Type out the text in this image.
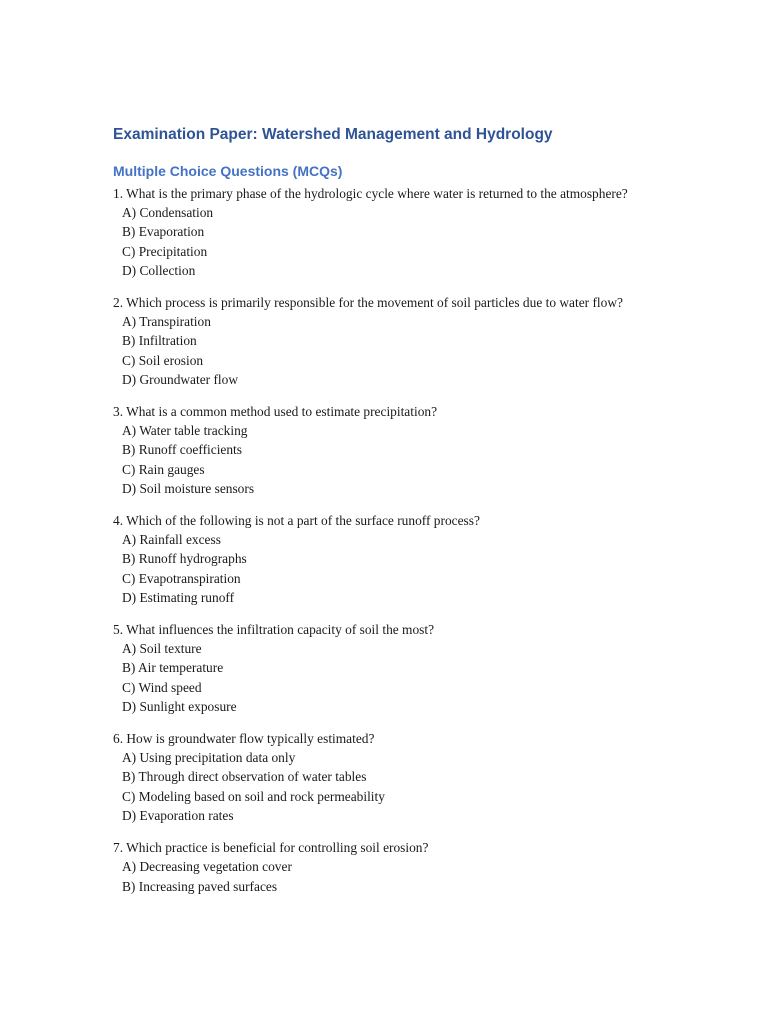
Examination Paper: Watershed Management and Hydrology
Multiple Choice Questions (MCQs)
1. What is the primary phase of the hydrologic cycle where water is returned to the atmosphere?
A) Condensation
B) Evaporation
C) Precipitation
D) Collection
2. Which process is primarily responsible for the movement of soil particles due to water flow?
A) Transpiration
B) Infiltration
C) Soil erosion
D) Groundwater flow
3. What is a common method used to estimate precipitation?
A) Water table tracking
B) Runoff coefficients
C) Rain gauges
D) Soil moisture sensors
4. Which of the following is not a part of the surface runoff process?
A) Rainfall excess
B) Runoff hydrographs
C) Evapotranspiration
D) Estimating runoff
5. What influences the infiltration capacity of soil the most?
A) Soil texture
B) Air temperature
C) Wind speed
D) Sunlight exposure
6. How is groundwater flow typically estimated?
A) Using precipitation data only
B) Through direct observation of water tables
C) Modeling based on soil and rock permeability
D) Evaporation rates
7. Which practice is beneficial for controlling soil erosion?
A) Decreasing vegetation cover
B) Increasing paved surfaces
